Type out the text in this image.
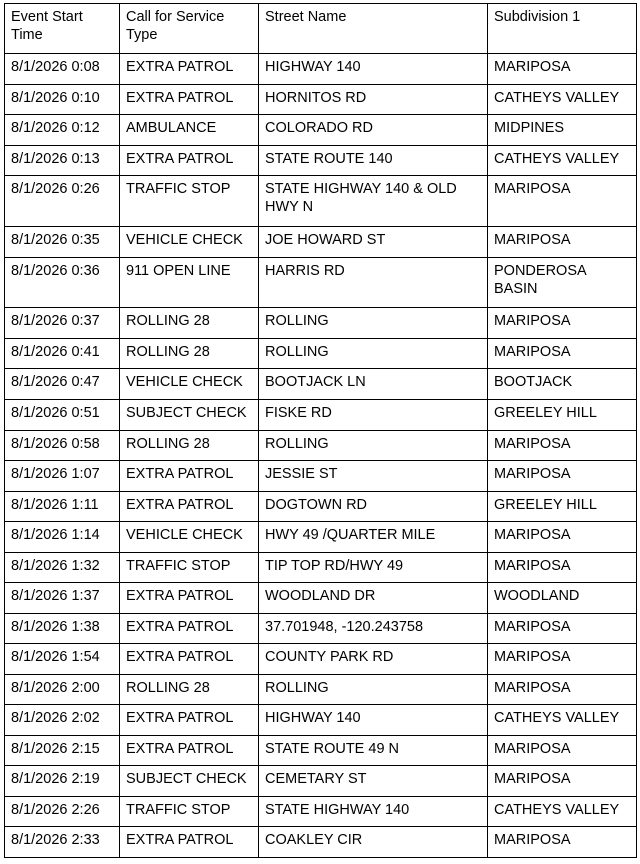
Event Start Time	Call for Service Type	Street Name	Subdivision 1
8/1/2026 0:08	EXTRA PATROL	HIGHWAY 140	MARIPOSA
8/1/2026 0:10	EXTRA PATROL	HORNITOS RD	CATHEYS VALLEY
8/1/2026 0:12	AMBULANCE	COLORADO RD	MIDPINES
8/1/2026 0:13	EXTRA PATROL	STATE ROUTE 140	CATHEYS VALLEY
8/1/2026 0:26	TRAFFIC STOP	STATE HIGHWAY 140 & OLD HWY N	MARIPOSA
8/1/2026 0:35	VEHICLE CHECK	JOE HOWARD ST	MARIPOSA
8/1/2026 0:36	911 OPEN LINE	HARRIS RD	PONDEROSA BASIN
8/1/2026 0:37	ROLLING 28	ROLLING	MARIPOSA
8/1/2026 0:41	ROLLING 28	ROLLING	MARIPOSA
8/1/2026 0:47	VEHICLE CHECK	BOOTJACK LN	BOOTJACK
8/1/2026 0:51	SUBJECT CHECK	FISKE RD	GREELEY HILL
8/1/2026 0:58	ROLLING 28	ROLLING	MARIPOSA
8/1/2026 1:07	EXTRA PATROL	JESSIE ST	MARIPOSA
8/1/2026 1:11	EXTRA PATROL	DOGTOWN RD	GREELEY HILL
8/1/2026 1:14	VEHICLE CHECK	HWY 49 /QUARTER MILE	MARIPOSA
8/1/2026 1:32	TRAFFIC STOP	TIP TOP RD/HWY 49	MARIPOSA
8/1/2026 1:37	EXTRA PATROL	WOODLAND DR	WOODLAND
8/1/2026 1:38	EXTRA PATROL	37.701948, -120.243758	MARIPOSA
8/1/2026 1:54	EXTRA PATROL	COUNTY PARK RD	MARIPOSA
8/1/2026 2:00	ROLLING 28	ROLLING	MARIPOSA
8/1/2026 2:02	EXTRA PATROL	HIGHWAY 140	CATHEYS VALLEY
8/1/2026 2:15	EXTRA PATROL	STATE ROUTE 49 N	MARIPOSA
8/1/2026 2:19	SUBJECT CHECK	CEMETARY ST	MARIPOSA
8/1/2026 2:26	TRAFFIC STOP	STATE HIGHWAY 140	CATHEYS VALLEY
8/1/2026 2:33	EXTRA PATROL	COAKLEY CIR	MARIPOSA
